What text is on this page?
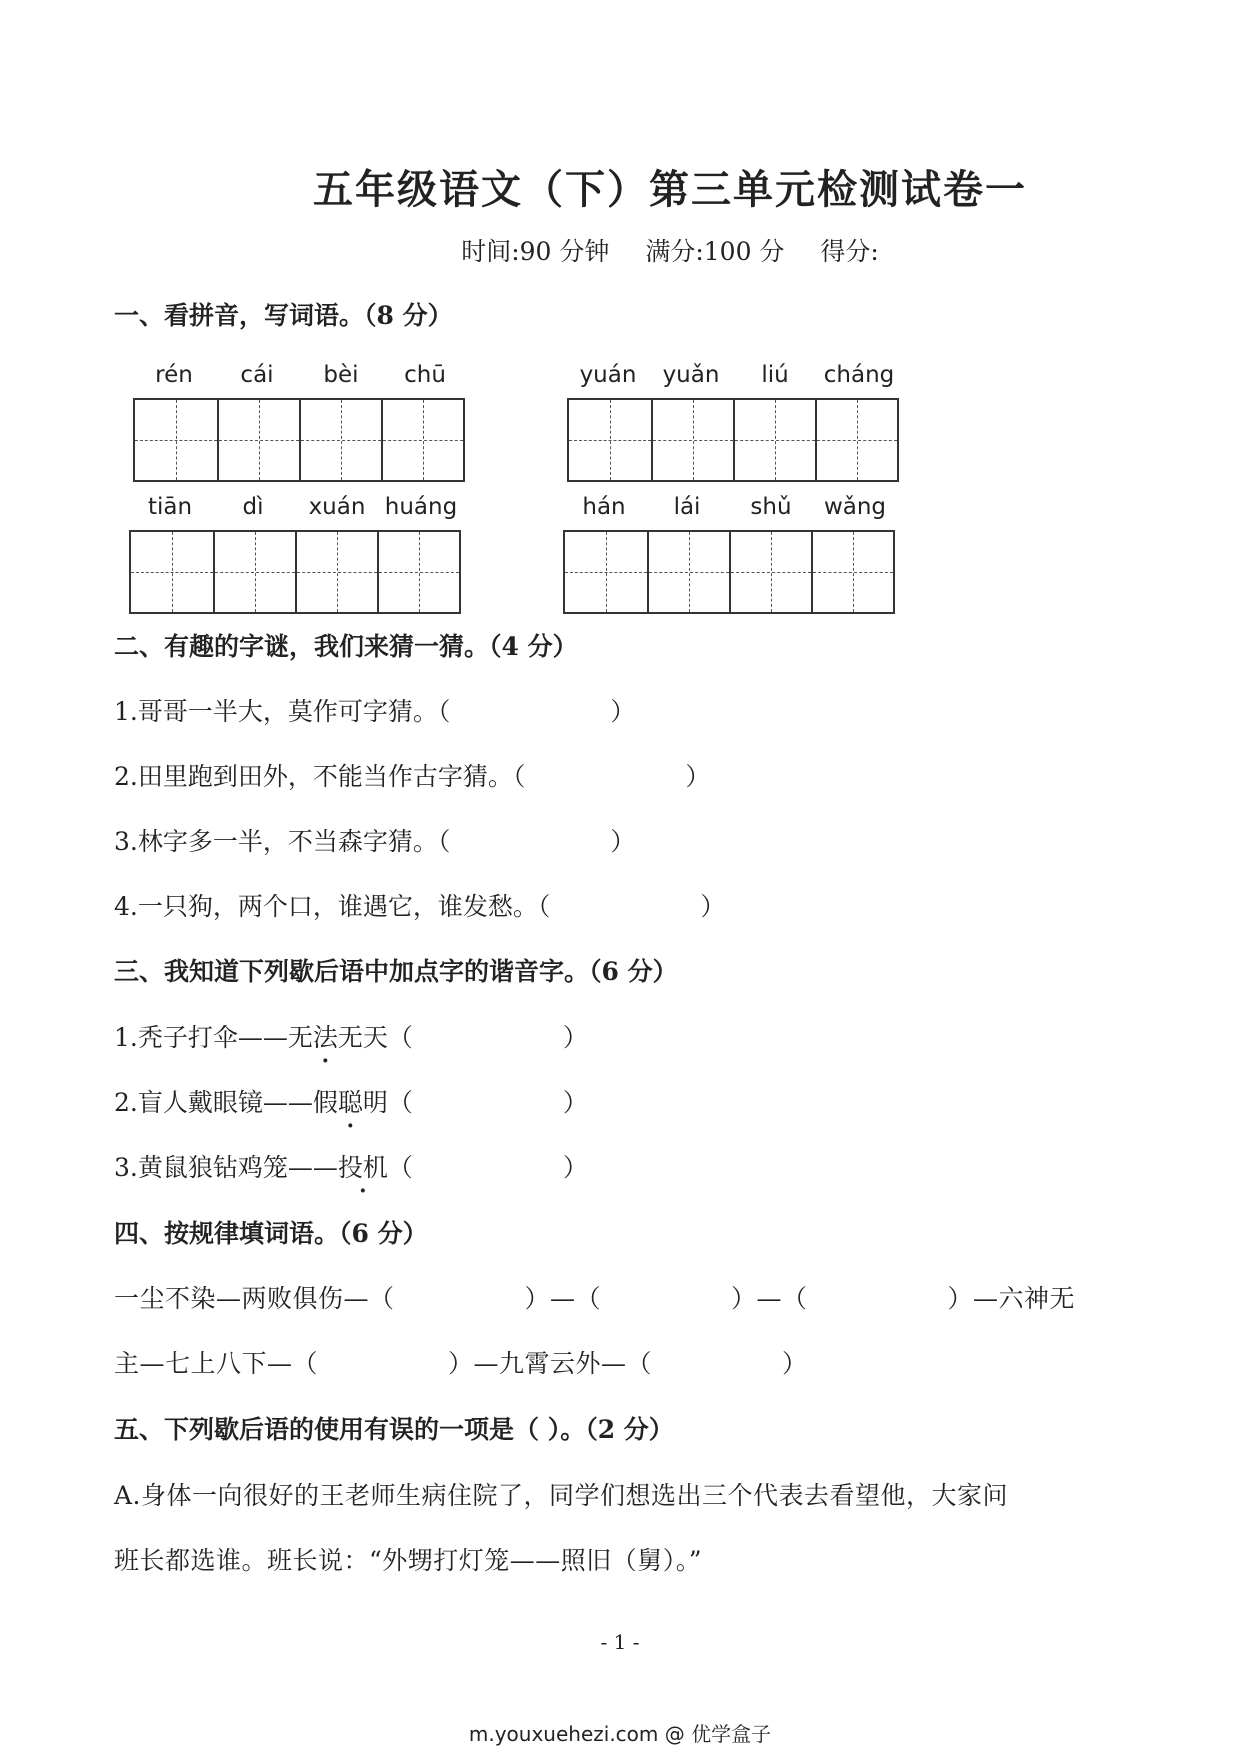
五年级语文（下）第三单元检测试卷一
时间:90 分钟 满分:100 分 得分:
一、看拼音，写词语。（8 分）
rén	cái	bèi	chū	yuán	yuǎn	liú	cháng
tiān	dì	xuán huáng	hán	lái	shǔ	wǎng
二、有趣的字谜，我们来猜一猜。（4 分）
1.哥哥一半大，莫作可字猜。（	）
2.田里跑到田外，不能当作古字猜。（	）
3.林字多一半，不当森字猜。（	）
4.一只狗，两个口，谁遇它，谁发愁。（	）
三、我知道下列歇后语中加点字的谐音字。（6 分）
1.秃子打伞——无法无天（	）
2.盲人戴眼镜——假聪明（	）
3.黄鼠狼钻鸡笼——投机（	）
四、按规律填词语。（6 分）
一尘不染—两败俱伤—（	）—（	）—（	）—六神无
主—七上八下—（	）—九霄云外—（	）
五、下列歇后语的使用有误的一项是（ ）。（2 分）
A.身体一向很好的王老师生病住院了，同学们想选出三个代表去看望他，大家问
班长都选谁。班长说：“外甥打灯笼——照旧（舅）。”
- 1 -
m.youxuehezi.com @ 优学盒子
